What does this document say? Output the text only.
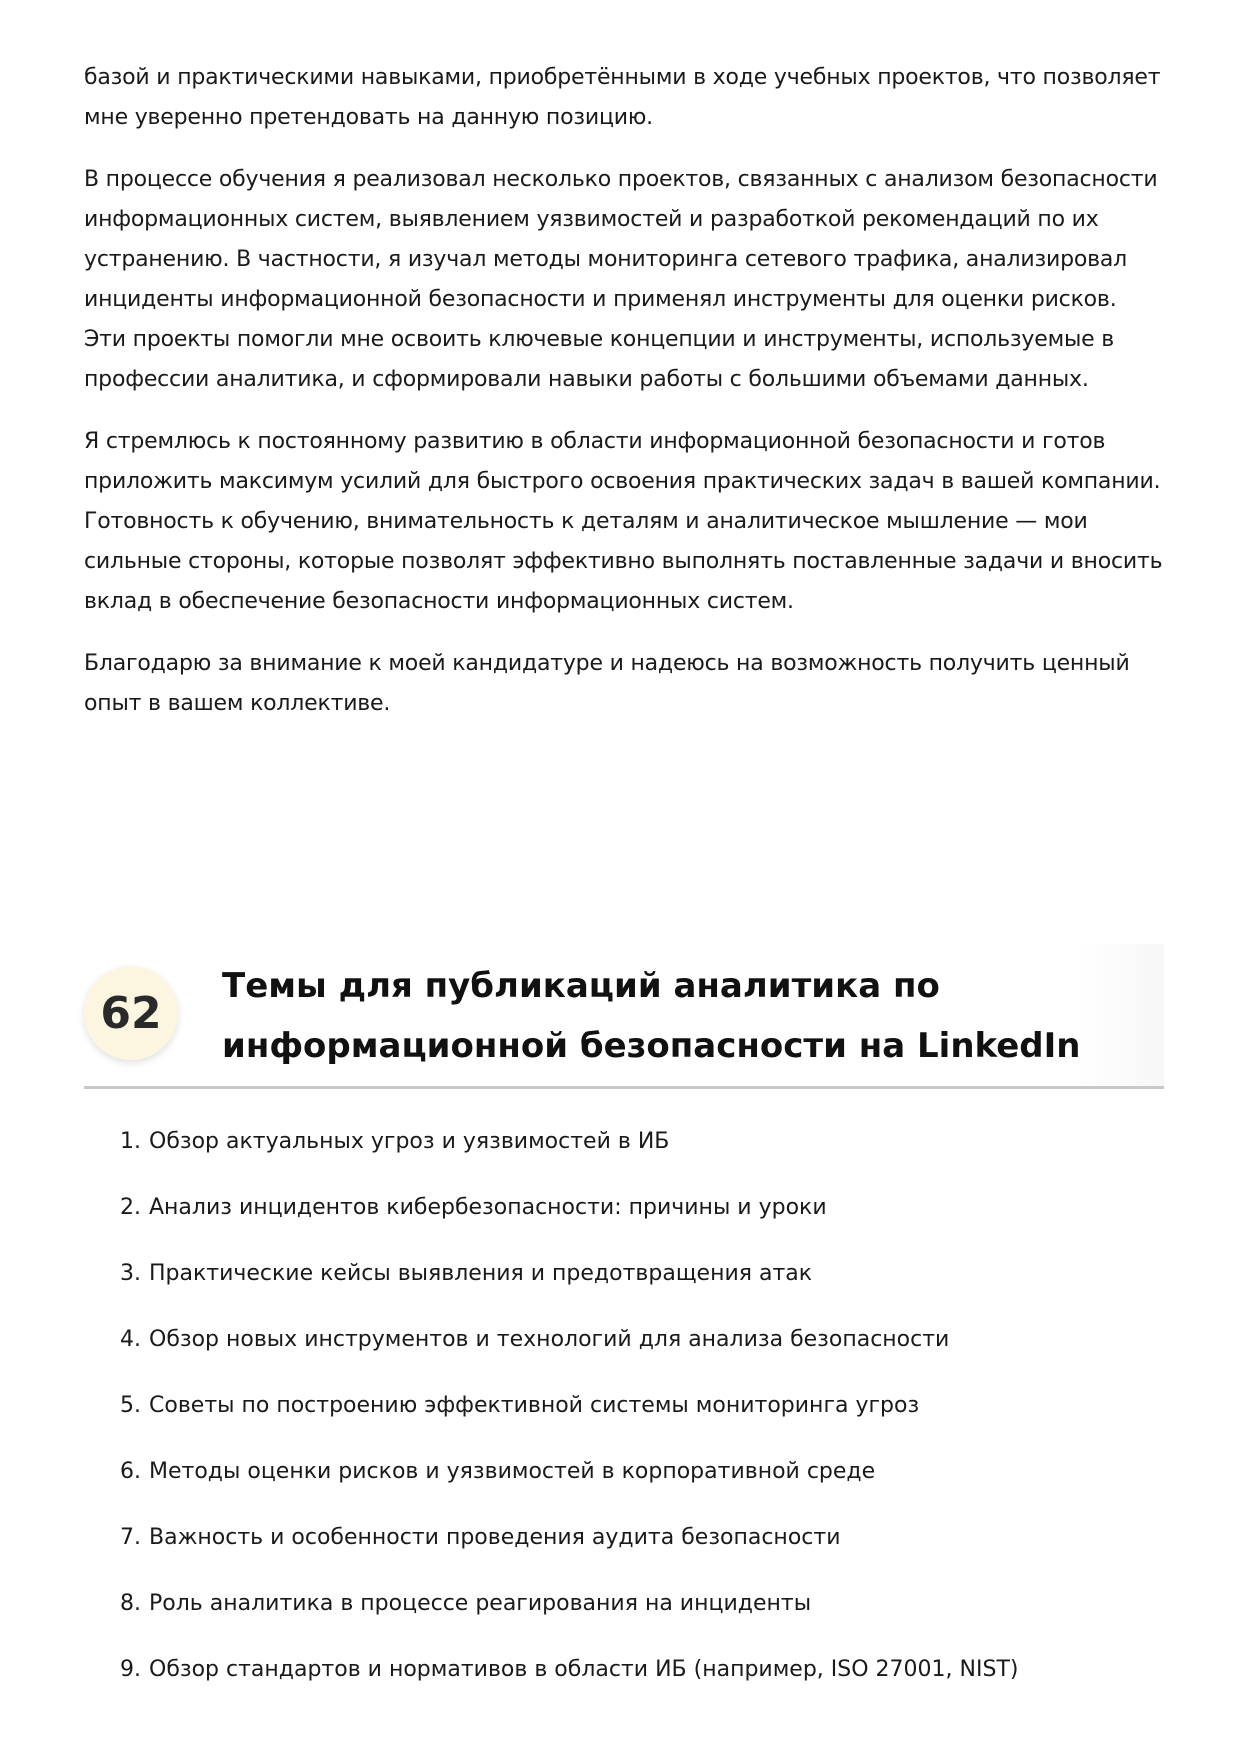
базой и практическими навыками, приобретёнными в ходе учебных проектов, что позволяет мне уверенно претендовать на данную позицию.

В процессе обучения я реализовал несколько проектов, связанных с анализом безопасности информационных систем, выявлением уязвимостей и разработкой рекомендаций по их устранению. В частности, я изучал методы мониторинга сетевого трафика, анализировал инциденты информационной безопасности и применял инструменты для оценки рисков. Эти проекты помогли мне освоить ключевые концепции и инструменты, используемые в профессии аналитика, и сформировали навыки работы с большими объемами данных.

Я стремлюсь к постоянному развитию в области информационной безопасности и готов приложить максимум усилий для быстрого освоения практических задач в вашей компании. Готовность к обучению, внимательность к деталям и аналитическое мышление — мои сильные стороны, которые позволят эффективно выполнять поставленные задачи и вносить вклад в обеспечение безопасности информационных систем.

Благодарю за внимание к моей кандидатуре и надеюсь на возможность получить ценный опыт в вашем коллективе.

62
Темы для публикаций аналитика по информационной безопасности на LinkedIn
1. Обзор актуальных угроз и уязвимостей в ИБ
2. Анализ инцидентов кибербезопасности: причины и уроки
3. Практические кейсы выявления и предотвращения атак
4. Обзор новых инструментов и технологий для анализа безопасности
5. Советы по построению эффективной системы мониторинга угроз
6. Методы оценки рисков и уязвимостей в корпоративной среде
7. Важность и особенности проведения аудита безопасности
8. Роль аналитика в процессе реагирования на инциденты
9. Обзор стандартов и нормативов в области ИБ (например, ISO 27001, NIST)
